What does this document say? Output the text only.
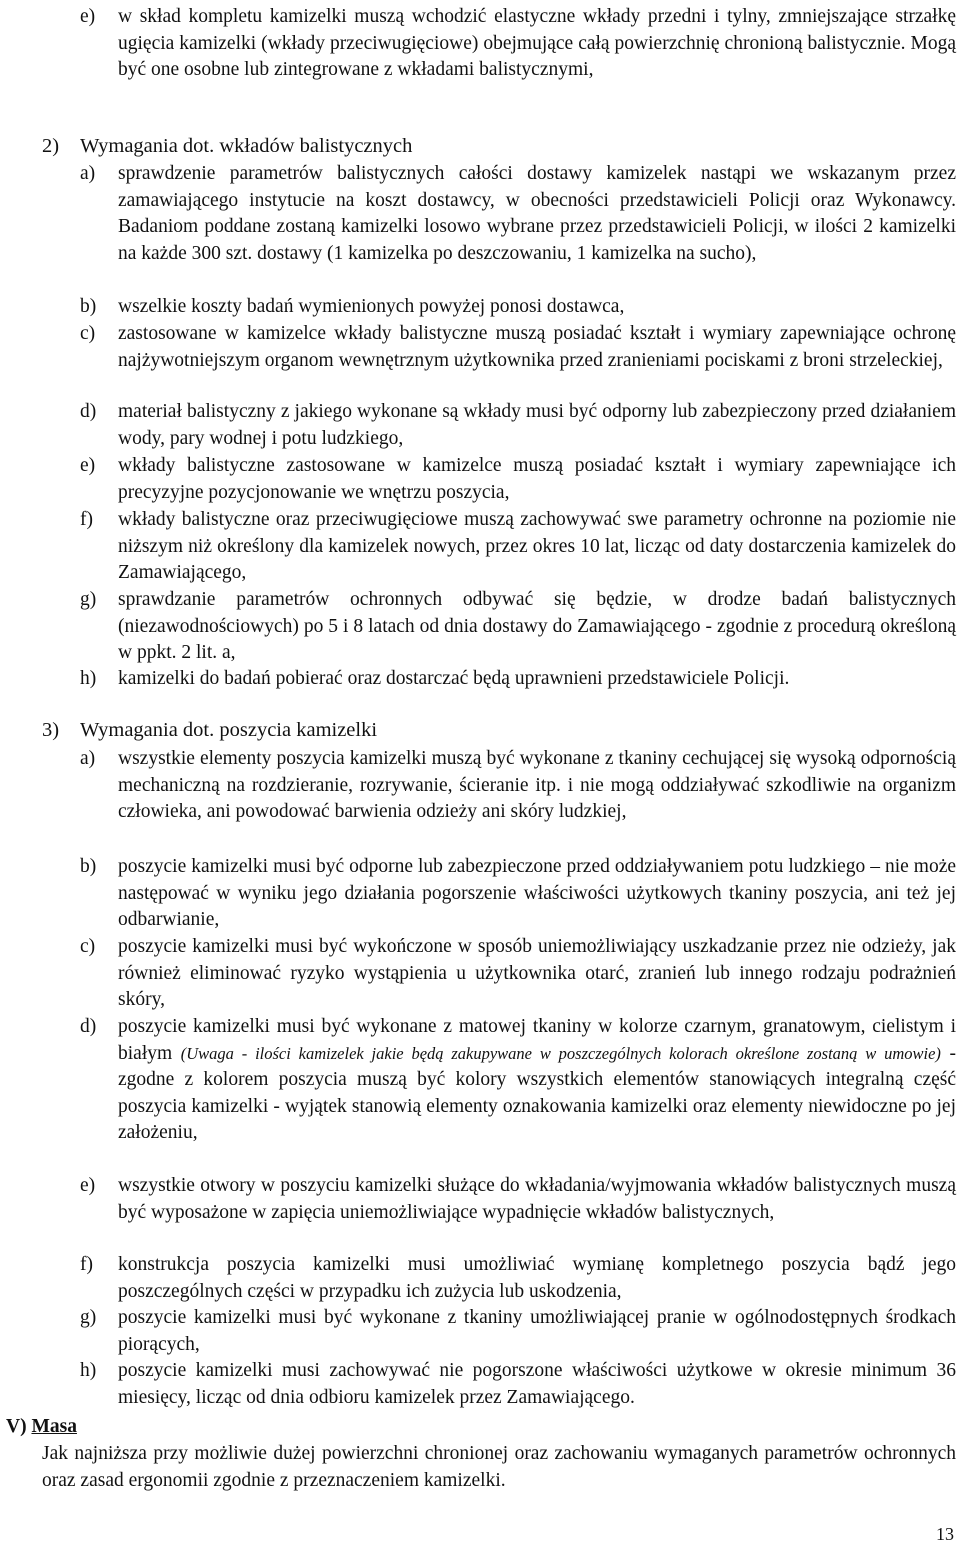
e) w skład kompletu kamizelki muszą wchodzić elastyczne wkłady przedni i tylny, zmniejszające strzałkę ugięcia kamizelki (wkłady przeciwugięciowe) obejmujące całą powierzchnię chronioną balistycznie. Mogą być one osobne lub zintegrowane z wkładami balistycznymi,
2) Wymagania dot. wkładów balistycznych
a) sprawdzenie parametrów balistycznych całości dostawy kamizelek nastąpi we wskazanym przez zamawiającego instytucie na koszt dostawcy, w obecności przedstawicieli Policji oraz Wykonawcy. Badaniom poddane zostaną kamizelki losowo wybrane przez przedstawicieli Policji, w ilości 2 kamizelki na każde 300 szt. dostawy (1 kamizelka po deszczowaniu, 1 kamizelka na sucho),
b) wszelkie koszty badań wymienionych powyżej ponosi dostawca,
c) zastosowane w kamizelce wkłady balistyczne muszą posiadać kształt i wymiary zapewniające ochronę najżywotniejszym organom wewnętrznym użytkownika przed zranieniami pociskami z broni strzeleckiej,
d) materiał balistyczny z jakiego wykonane są wkłady musi być odporny lub zabezpieczony przed działaniem wody, pary wodnej i potu ludzkiego,
e) wkłady balistyczne zastosowane w kamizelce muszą posiadać kształt i wymiary zapewniające ich precyzyjne pozycjonowanie we wnętrzu poszycia,
f) wkłady balistyczne oraz przeciwugięciowe muszą zachowywać swe parametry ochronne na poziomie nie niższym niż określony dla kamizelek nowych, przez okres 10 lat, licząc od daty dostarczenia kamizelek do Zamawiającego,
g) sprawdzanie parametrów ochronnych odbywać się będzie, w drodze badań balistycznych (niezawodnościowych) po 5 i 8 latach od dnia dostawy do Zamawiającego - zgodnie z procedurą określoną w ppkt. 2 lit. a,
h) kamizelki do badań pobierać oraz dostarczać będą uprawnieni przedstawiciele Policji.
3) Wymagania dot. poszycia kamizelki
a) wszystkie elementy poszycia kamizelki muszą być wykonane z tkaniny cechującej się wysoką odpornością mechaniczną na rozdzieranie, rozrywanie, ścieranie itp. i nie mogą oddziaływać szkodliwie na organizm człowieka, ani powodować barwienia odzieży ani skóry ludzkiej,
b) poszycie kamizelki musi być odporne lub zabezpieczone przed oddziaływaniem potu ludzkiego – nie może następować w wyniku jego działania pogorszenie właściwości użytkowych tkaniny poszycia, ani też jej odbarwianie,
c) poszycie kamizelki musi być wykończone w sposób uniemożliwiający uszkadzanie przez nie odzieży, jak również eliminować ryzyko wystąpienia u użytkownika otarć, zranień lub innego rodzaju podrażnień skóry,
d) poszycie kamizelki musi być wykonane z matowej tkaniny w kolorze czarnym, granatowym, cielistym i białym (Uwaga - ilości kamizelek jakie będą zakupywane w poszczególnych kolorach określone zostaną w umowie) - zgodne z kolorem poszycia muszą być kolory wszystkich elementów stanowiących integralną część poszycia kamizelki - wyjątek stanowią elementy oznakowania kamizelki oraz elementy niewidoczne po jej założeniu,
e) wszystkie otwory w poszyciu kamizelki służące do wkładania/wyjmowania wkładów balistycznych muszą być wyposażone w zapięcia uniemożliwiające wypadnięcie wkładów balistycznych,
f) konstrukcja poszycia kamizelki musi umożliwiać wymianę kompletnego poszycia bądź jego poszczególnych części w przypadku ich zużycia lub uskodzenia,
g) poszycie kamizelki musi być wykonane z tkaniny umożliwiającej pranie w ogólnodostępnych środkach piorących,
h) poszycie kamizelki musi zachowywać nie pogorszone właściwości użytkowe w okresie minimum 36 miesięcy, licząc od dnia odbioru kamizelek przez Zamawiającego.
V) Masa
Jak najniższa przy możliwie dużej powierzchni chronionej oraz zachowaniu wymaganych parametrów ochronnych oraz zasad ergonomii zgodnie z przeznaczeniem kamizelki.
13
